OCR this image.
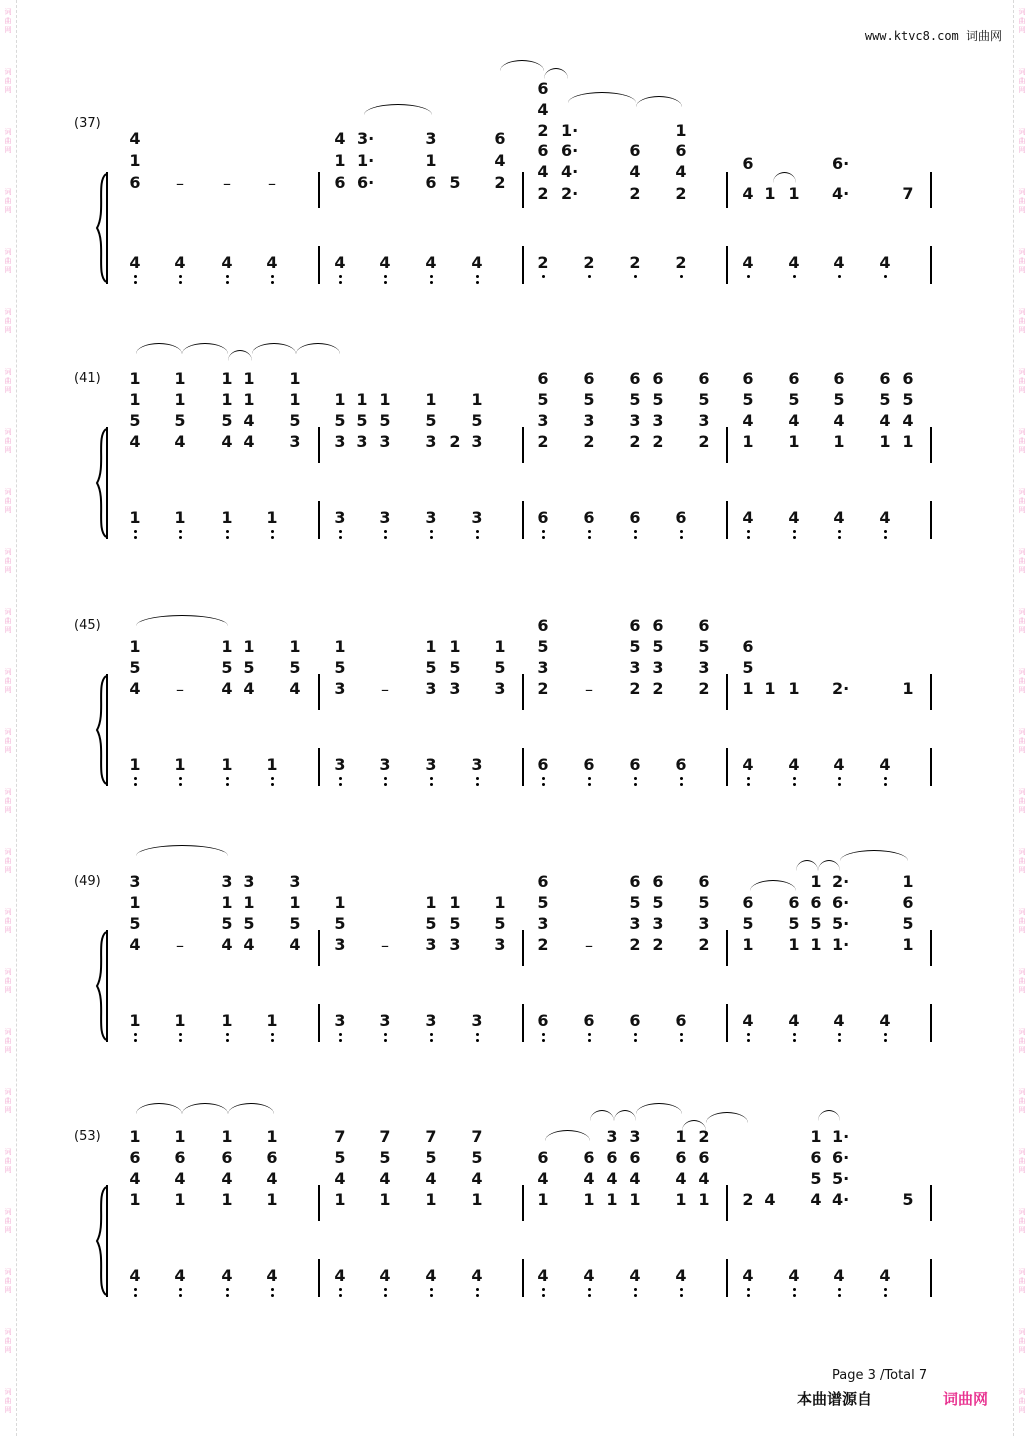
www.ktvc8.com 词曲网
词
曲
网
词
曲
网
词
曲
网
词
曲
网
词
曲
网
词
曲
网
词
曲
网
词
曲
网
词
曲
网
词
曲
网
词
曲
网
词
曲
网
词
曲
网
词
曲
网
词
曲
网
词
曲
网
词
曲
网
词
曲
网
词
曲
网
词
曲
网
词
曲
网
词
曲
网
词
曲
网
词
曲
网
词
曲
网
词
曲
网
词
曲
网
词
曲
网
词
曲
网
词
曲
网
词
曲
网
词
曲
网
词
曲
网
词
曲
网
词
曲
网
词
曲
网
词
曲
网
词
曲
网
词
曲
网
词
曲
网
词
曲
网
词
曲
网
词
曲
网
词
曲
网
词
曲
网
词
曲
网
词
曲
网
词
曲
网
(37)
4 4 4 4	4 4 4 4	2 2 2 2	4 4 4 4
(41)
1 1 1 1	3 3 3 3	6 6 6 6	4 4 4 4
(45)
1 1 1 1	3 3 3 3	6 6 6 6	4 4 4 4
(49)
1 1 1 1	3 3 3 3	6 6 6 6	4 4 4 4
(53)
4 4 4 4	4 4 4 4	4 4 4 4	4 4 4 4
4
1
6 – – –
4
1
6
3·
1·
6·
3
1
6 5
6
4
2
6
4
2
6
4
2
1·
6·
4·
2·
6
4
2
1
6
4
2
6
4 1 1
6·
4·	7
1
1
5
4
1
1
5
4
1
1
5
4
1
1
4
4
1
1
5
3
1
5
3
1
5
3
1
5
3
1
5
3 2
1
5
3
6
5
3
2
6
5
3
2
6
5
3
2
6
5
3
2
6
5
3
2
6
5
4
1
6
5
4
1
6
5
4
1
6
5
4
1
6
5
4
1
1
5
4 –
1
5
4
1
5
4
1
5
4
1
5
3 –
1
5
3
1
5
3
1
5
3
6
5
3
2 –
6
5
3
2
6
5
3
2
6
5
3
2
6
5
1 1 1 2·	1
3
1
5
4 –
3
1
5
4
3
1
5
4
3
1
5
4
1
5
3 –
1
5
3
1
5
3
1
5
3
6
5
3
2 –
6
5
3
2
6
5
3
2
6
5
3
2
6
5
1
6
5
1
1
6
5
1
2·
6·
5·
1·
1
6
5
1
1
6
4
1
1
6
4
1
1
6
4
1
1
6
4
1
7
5
4
1
7
5
4
1
7
5
4
1
7
5
4
1
6
4
1
6
4
1
3
6
4
1
3
6
4
1
1
6
4
1
2
6
4
1 2 4
1
6
5
4
1·
6·
5·
4·	5
Page 3 /Total 7
本曲谱源自	词曲网
